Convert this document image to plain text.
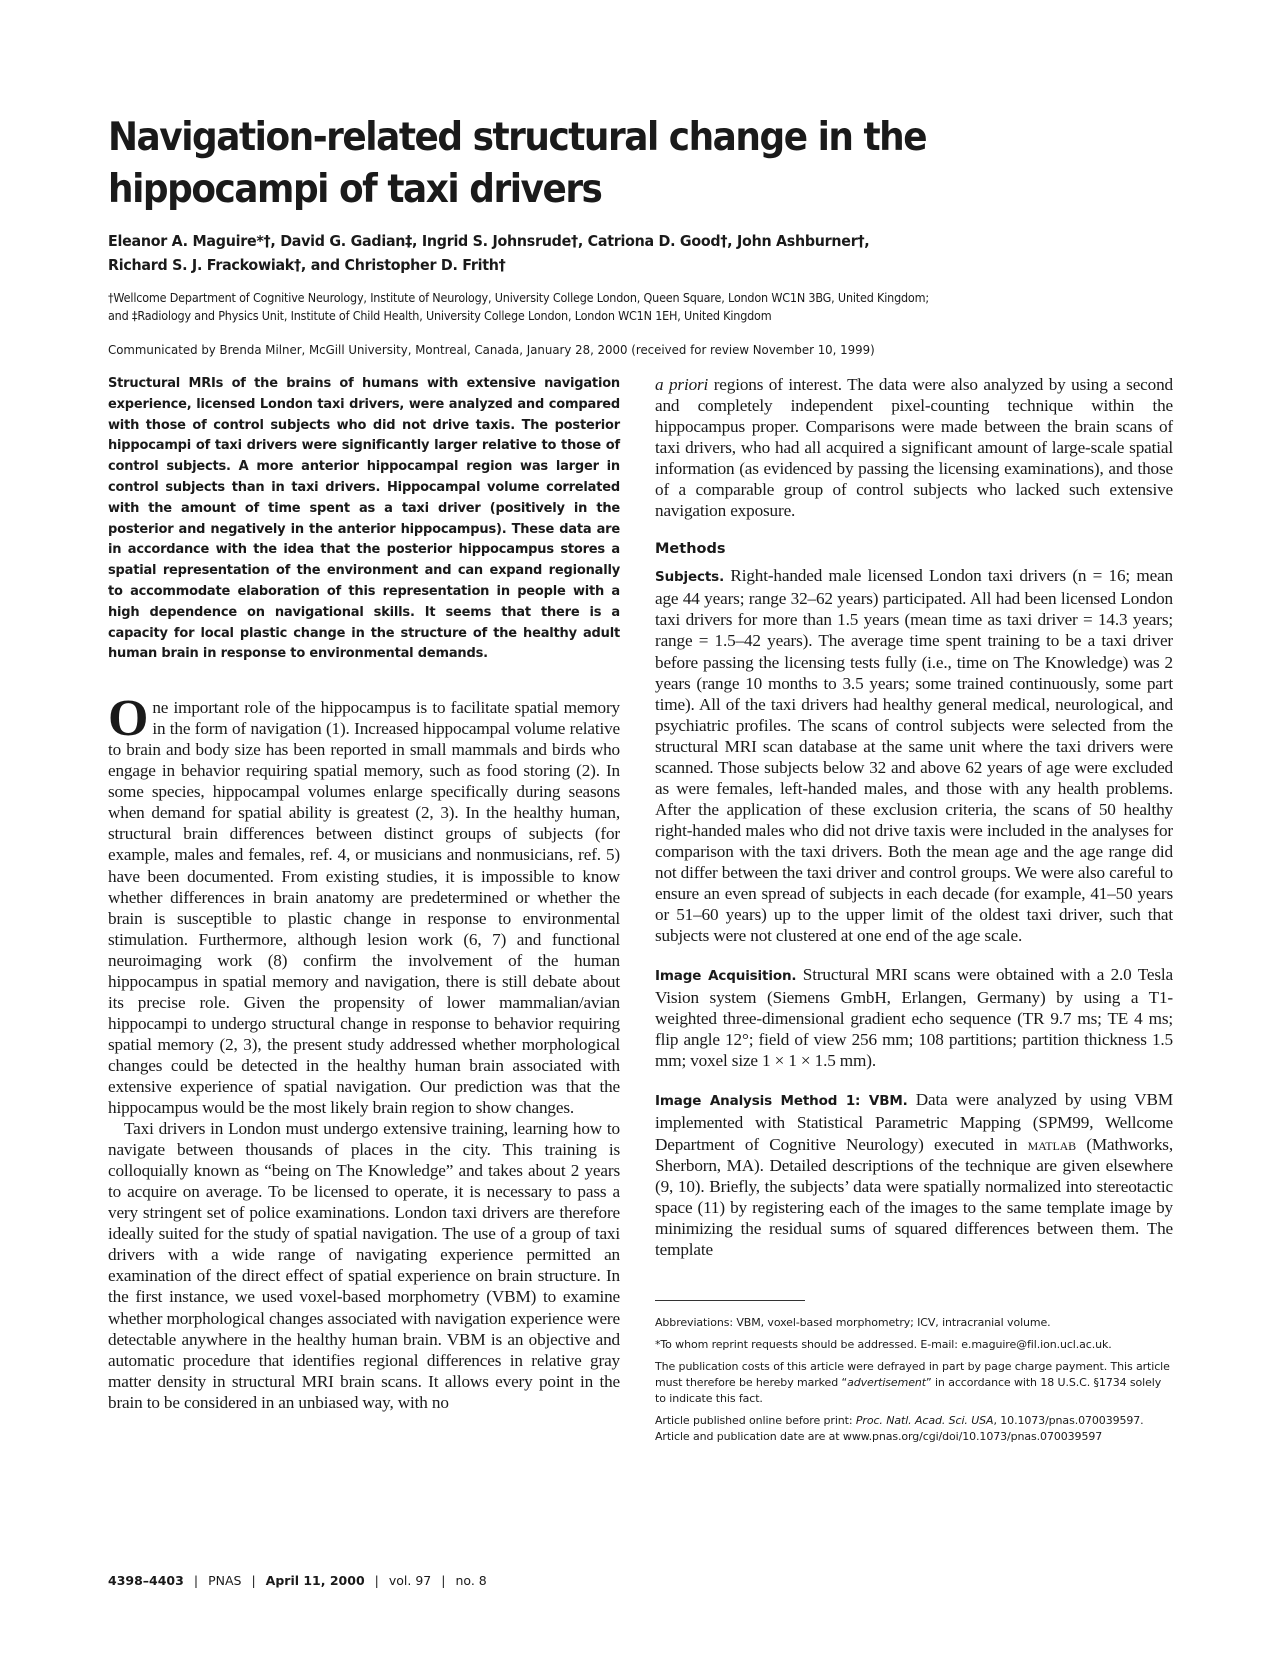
Navigation-related structural change in the hippocampi of taxi drivers
Eleanor A. Maguire*†, David G. Gadian‡, Ingrid S. Johnsrude†, Catriona D. Good†, John Ashburner†,
Richard S. J. Frackowiak†, and Christopher D. Frith†
†Wellcome Department of Cognitive Neurology, Institute of Neurology, University College London, Queen Square, London WC1N 3BG, United Kingdom;
and ‡Radiology and Physics Unit, Institute of Child Health, University College London, London WC1N 1EH, United Kingdom
Communicated by Brenda Milner, McGill University, Montreal, Canada, January 28, 2000 (received for review November 10, 1999)

Structural MRIs of the brains of humans with extensive navigation experience, licensed London taxi drivers, were analyzed and compared with those of control subjects who did not drive taxis. The posterior hippocampi of taxi drivers were significantly larger relative to those of control subjects. A more anterior hippocampal region was larger in control subjects than in taxi drivers. Hippocampal volume correlated with the amount of time spent as a taxi driver (positively in the posterior and negatively in the anterior hippocampus). These data are in accordance with the idea that the posterior hippocampus stores a spatial representation of the environment and can expand regionally to accommodate elaboration of this representation in people with a high dependence on navigational skills. It seems that there is a capacity for local plastic change in the structure of the healthy adult human brain in response to environmental demands.

One important role of the hippocampus is to facilitate spatial memory in the form of navigation (1). Increased hippocampal volume relative to brain and body size has been reported in small mammals and birds who engage in behavior requiring spatial memory, such as food storing (2). In some species, hippocampal volumes enlarge specifically during seasons when demand for spatial ability is greatest (2, 3). In the healthy human, structural brain differences between distinct groups of subjects (for example, males and females, ref. 4, or musicians and nonmusicians, ref. 5) have been documented. From existing studies, it is impossible to know whether differences in brain anatomy are predetermined or whether the brain is susceptible to plastic change in response to environmental stimulation. Furthermore, although lesion work (6, 7) and functional neuroimaging work (8) confirm the involvement of the human hippocampus in spatial memory and navigation, there is still debate about its precise role. Given the propensity of lower mammalian/avian hippocampi to undergo structural change in response to behavior requiring spatial memory (2, 3), the present study addressed whether morphological changes could be detected in the healthy human brain associated with extensive experience of spatial navigation. Our prediction was that the hippocampus would be the most likely brain region to show changes.

Taxi drivers in London must undergo extensive training, learning how to navigate between thousands of places in the city. This training is colloquially known as “being on The Knowledge” and takes about 2 years to acquire on average. To be licensed to operate, it is necessary to pass a very stringent set of police examinations. London taxi drivers are therefore ideally suited for the study of spatial navigation. The use of a group of taxi drivers with a wide range of navigating experience permitted an examination of the direct effect of spatial experience on brain structure. In the first instance, we used voxel-based morphometry (VBM) to examine whether morphological changes associated with navigation experience were detectable anywhere in the healthy human brain. VBM is an objective and automatic procedure that identifies regional differences in relative gray matter density in structural MRI brain scans. It allows every point in the brain to be considered in an unbiased way, with no

a priori regions of interest. The data were also analyzed by using a second and completely independent pixel-counting technique within the hippocampus proper. Comparisons were made between the brain scans of taxi drivers, who had all acquired a significant amount of large-scale spatial information (as evidenced by passing the licensing examinations), and those of a comparable group of control subjects who lacked such extensive navigation exposure.

Methods

Subjects. Right-handed male licensed London taxi drivers (n = 16; mean age 44 years; range 32–62 years) participated. All had been licensed London taxi drivers for more than 1.5 years (mean time as taxi driver = 14.3 years; range = 1.5–42 years). The average time spent training to be a taxi driver before passing the licensing tests fully (i.e., time on The Knowledge) was 2 years (range 10 months to 3.5 years; some trained continuously, some part time). All of the taxi drivers had healthy general medical, neurological, and psychiatric profiles. The scans of control subjects were selected from the structural MRI scan database at the same unit where the taxi drivers were scanned. Those subjects below 32 and above 62 years of age were excluded as were females, left-handed males, and those with any health problems. After the application of these exclusion criteria, the scans of 50 healthy right-handed males who did not drive taxis were included in the analyses for comparison with the taxi drivers. Both the mean age and the age range did not differ between the taxi driver and control groups. We were also careful to ensure an even spread of subjects in each decade (for example, 41–50 years or 51–60 years) up to the upper limit of the oldest taxi driver, such that subjects were not clustered at one end of the age scale.

Image Acquisition. Structural MRI scans were obtained with a 2.0 Tesla Vision system (Siemens GmbH, Erlangen, Germany) by using a T1-weighted three-dimensional gradient echo sequence (TR 9.7 ms; TE 4 ms; flip angle 12°; field of view 256 mm; 108 partitions; partition thickness 1.5 mm; voxel size 1 × 1 × 1.5 mm).

Image Analysis Method 1: VBM. Data were analyzed by using VBM implemented with Statistical Parametric Mapping (SPM99, Wellcome Department of Cognitive Neurology) executed in matlab (Mathworks, Sherborn, MA). Detailed descriptions of the technique are given elsewhere (9, 10). Briefly, the subjects’ data were spatially normalized into stereotactic space (11) by registering each of the images to the same template image by minimizing the residual sums of squared differences between them. The template

Abbreviations: VBM, voxel-based morphometry; ICV, intracranial volume.

*To whom reprint requests should be addressed. E-mail: e.maguire@fil.ion.ucl.ac.uk.

The publication costs of this article were defrayed in part by page charge payment. This article must therefore be hereby marked “advertisement” in accordance with 18 U.S.C. §1734 solely to indicate this fact.

Article published online before print: Proc. Natl. Acad. Sci. USA, 10.1073/pnas.070039597.
Article and publication date are at www.pnas.org/cgi/doi/10.1073/pnas.070039597

4398–4403 | PNAS | April 11, 2000 | vol. 97 | no. 8
